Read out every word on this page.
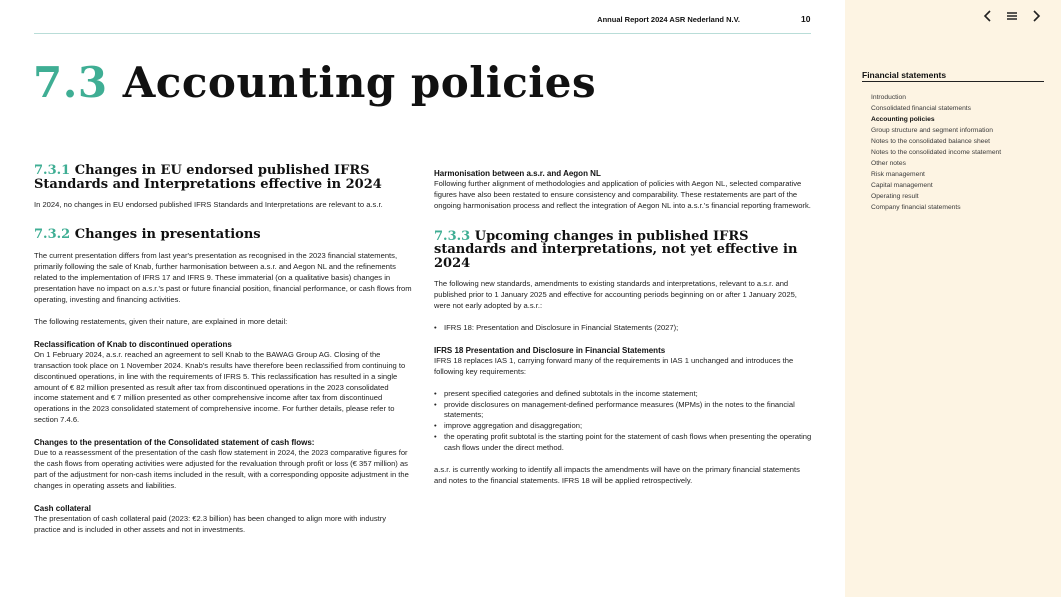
Annual Report 2024 ASR Nederland N.V.	10
7.3 Accounting policies
7.3.1 Changes in EU endorsed published IFRS Standards and Interpretations effective in 2024

In 2024, no changes in EU endorsed published IFRS Standards and Interpretations are relevant to a.s.r.

7.3.2 Changes in presentations

The current presentation differs from last year's presentation as recognised in the 2023 financial statements, primarily following the sale of Knab, further harmonisation between a.s.r. and Aegon NL and the refinements related to the implementation of IFRS 17 and IFRS 9. These immaterial (on a qualitative basis) changes in presentation have no impact on a.s.r.'s past or future financial position, financial performance, or cash flows from operating, investing and financing activities.

The following restatements, given their nature, are explained in more detail:

Reclassification of Knab to discontinued operations

On 1 February 2024, a.s.r. reached an agreement to sell Knab to the BAWAG Group AG. Closing of the transaction took place on 1 November 2024. Knab's results have therefore been reclassified from continuing to discontinued operations, in line with the requirements of IFRS 5. This reclassification has resulted in a single amount of € 82 million presented as result after tax from discontinued operations in the 2023 consolidated income statement and € 7 million presented as other comprehensive income after tax from discontinued operations in the 2023 consolidated statement of comprehensive income. For further details, please refer to section 7.4.6.

Changes to the presentation of the Consolidated statement of cash flows:

Due to a reassessment of the presentation of the cash flow statement in 2024, the 2023 comparative figures for the cash flows from operating activities were adjusted for the revaluation through profit or loss (€ 357 million) as part of the adjustment for non-cash items included in the result, with a corresponding opposite adjustment in the changes in operating assets and liabilities.

Cash collateral

The presentation of cash collateral paid (2023: €2.3 billion) has been changed to align more with industry practice and is included in other assets and not in investments.

Harmonisation between a.s.r. and Aegon NL

Following further alignment of methodologies and application of policies with Aegon NL, selected comparative figures have also been restated to ensure consistency and comparability. These restatements are part of the ongoing harmonisation process and reflect the integration of Aegon NL into a.s.r.'s financial reporting framework.

7.3.3 Upcoming changes in published IFRS standards and interpretations, not yet effective in 2024

The following new standards, amendments to existing standards and interpretations, relevant to a.s.r. and published prior to 1 January 2025 and effective for accounting periods beginning on or after 1 January 2025, were not early adopted by a.s.r.:

• IFRS 18: Presentation and Disclosure in Financial Statements (2027);
IFRS 18 Presentation and Disclosure in Financial Statements

IFRS 18 replaces IAS 1, carrying forward many of the requirements in IAS 1 unchanged and introduces the following key requirements:

• present specified categories and defined subtotals in the income statement;
• provide disclosures on management-defined performance measures (MPMs) in the notes to the financial statements;
• improve aggregation and disaggregation;
• the operating profit subtotal is the starting point for the statement of cash flows when presenting the operating cash flows under the direct method.

a.s.r. is currently working to identify all impacts the amendments will have on the primary financial statements and notes to the financial statements. IFRS 18 will be applied retrospectively.

Financial statements
Introduction
Consolidated financial statements
Accounting policies
Group structure and segment information
Notes to the consolidated balance sheet
Notes to the consolidated income statement
Other notes
Risk management
Capital management
Operating result
Company financial statements
